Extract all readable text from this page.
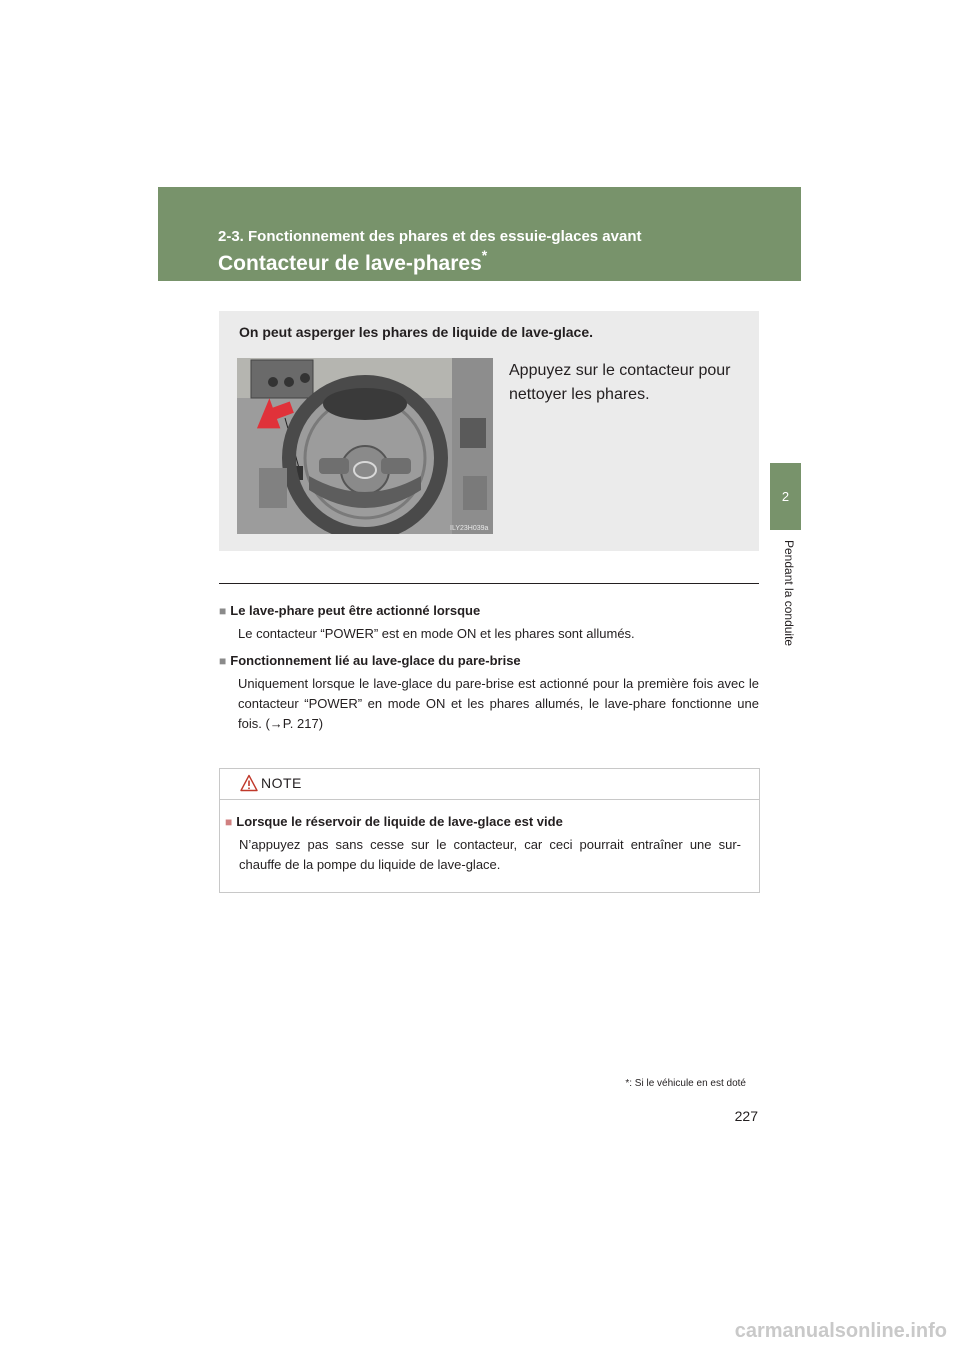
2-3. Fonctionnement des phares et des essuie-glaces avant
Contacteur de lave-phares*
2
Pendant la conduite
On peut asperger les phares de liquide de lave-glace.
ILY23H039a
Appuyez sur le contacteur pour nettoyer les phares.
■ Le lave-phare peut être actionné lorsque
Le contacteur “POWER” est en mode ON et les phares sont allumés.
■ Fonctionnement lié au lave-glace du pare-brise
Uniquement lorsque le lave-glace du pare-brise est actionné pour la première fois avec le contacteur “POWER” en mode ON et les phares allumés, le lave-phare fonctionne une fois. (→P. 217)
NOTE
■ Lorsque le réservoir de liquide de lave-glace est vide
N’appuyez pas sans cesse sur le contacteur, car ceci pourrait entraîner une sur-chauffe de la pompe du liquide de lave-glace.
*: Si le véhicule en est doté
227
carmanualsonline.info
